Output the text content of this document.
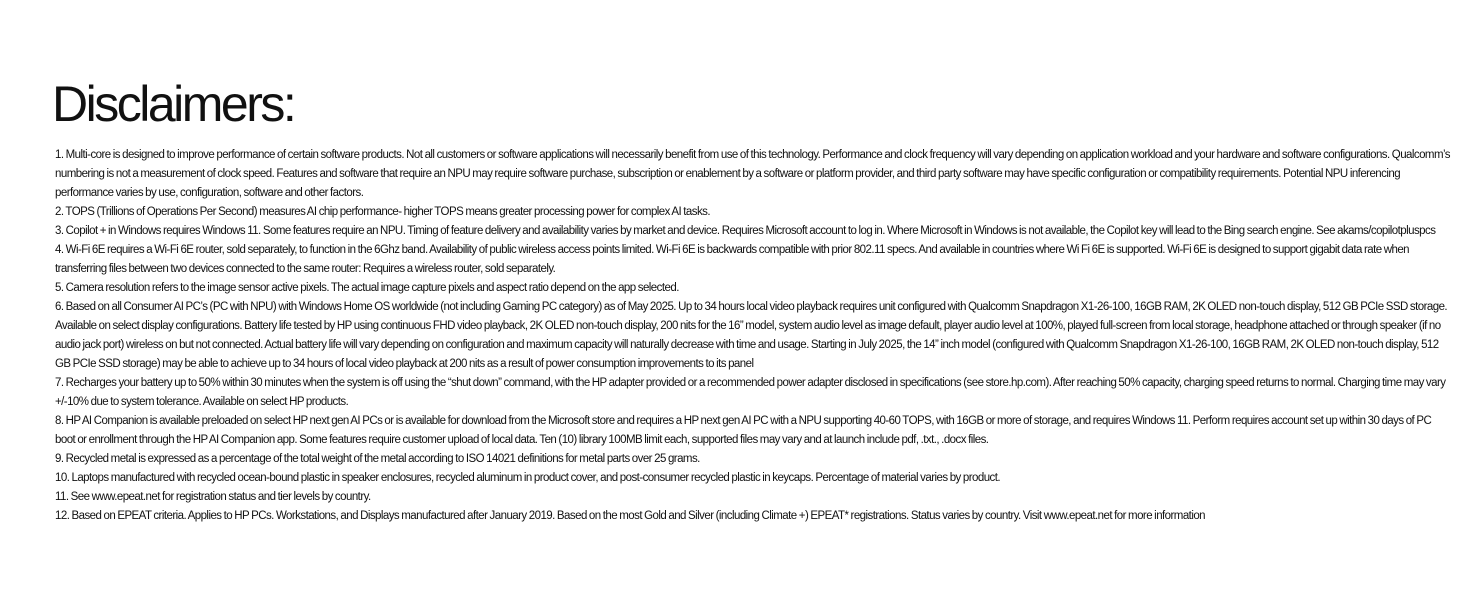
Disclaimers:
1. Multi-core is designed to improve performance of certain software products. Not all customers or software applications will necessarily benefit from use of this technology. Performance and clock frequency will vary depending on application workload and your hardware and software configurations. Qualcomm’s numbering is not a measurement of clock speed. Features and software that require an NPU may require software purchase, subscription or enablement by a software or platform provider, and third party software may have specific configuration or compatibility requirements. Potential NPU inferencing performance varies by use, configuration, software and other factors.
2. TOPS (Trillions of Operations Per Second) measures AI chip performance- higher TOPS means greater processing power for complex AI tasks.
3. Copilot + in Windows requires Windows 11. Some features require an NPU. Timing of feature delivery and availability varies by market and device. Requires Microsoft account to log in. Where Microsoft in Windows is not available, the Copilot key will lead to the Bing search engine. See akams/copilotpluspcs
4. Wi-Fi 6E requires a Wi-Fi 6E router, sold separately, to function in the 6Ghz band. Availability of public wireless access points limited. Wi-Fi 6E is backwards compatible with prior 802.11 specs. And available in countries where Wi Fi 6E is supported. Wi-Fi 6E is designed to support gigabit data rate when transferring files between two devices connected to the same router: Requires a wireless router, sold separately.
5. Camera resolution refers to the image sensor active pixels. The actual image capture pixels and aspect ratio depend on the app selected.
6. Based on all Consumer AI PC’s (PC with NPU) with Windows Home OS worldwide (not including Gaming PC category) as of May 2025. Up to 34 hours local video playback requires unit configured with Qualcomm Snapdragon X1-26-100, 16GB RAM, 2K OLED non-touch display, 512 GB PCIe SSD storage. Available on select display configurations. Battery life tested by HP using continuous FHD video playback, 2K OLED non-touch display, 200 nits for the 16” model, system audio level as image default, player audio level at 100%, played full-screen from local storage, headphone attached or through speaker (if no audio jack port) wireless on but not connected. Actual battery life will vary depending on configuration and maximum capacity will naturally decrease with time and usage. Starting in July 2025, the 14” inch model (configured with Qualcomm Snapdragon X1-26-100, 16GB RAM, 2K OLED non-touch display, 512 GB PCIe SSD storage) may be able to achieve up to 34 hours of local video playback at 200 nits as a result of power consumption improvements to its panel
7. Recharges your battery up to 50% within 30 minutes when the system is off using the “shut down” command, with the HP adapter provided or a recommended power adapter disclosed in specifications (see store.hp.com). After reaching 50% capacity, charging speed returns to normal. Charging time may vary +/-10% due to system tolerance. Available on select HP products.
8. HP AI Companion is available preloaded on select HP next gen AI PCs or is available for download from the Microsoft store and requires a HP next gen AI PC with a NPU supporting 40-60 TOPS, with 16GB or more of storage, and requires Windows 11. Perform requires account set up within 30 days of PC boot or enrollment through the HP AI Companion app. Some features require customer upload of local data. Ten (10) library 100MB limit each, supported files may vary and at launch include pdf, .txt., .docx files.
9. Recycled metal is expressed as a percentage of the total weight of the metal according to ISO 14021 definitions for metal parts over 25 grams.
10. Laptops manufactured with recycled ocean-bound plastic in speaker enclosures, recycled aluminum in product cover, and post-consumer recycled plastic in keycaps. Percentage of material varies by product.
11. See www.epeat.net for registration status and tier levels by country.
12. Based on EPEAT criteria. Applies to HP PCs. Workstations, and Displays manufactured after January 2019. Based on the most Gold and Silver (including Climate +) EPEAT* registrations. Status varies by country. Visit www.epeat.net for more information
